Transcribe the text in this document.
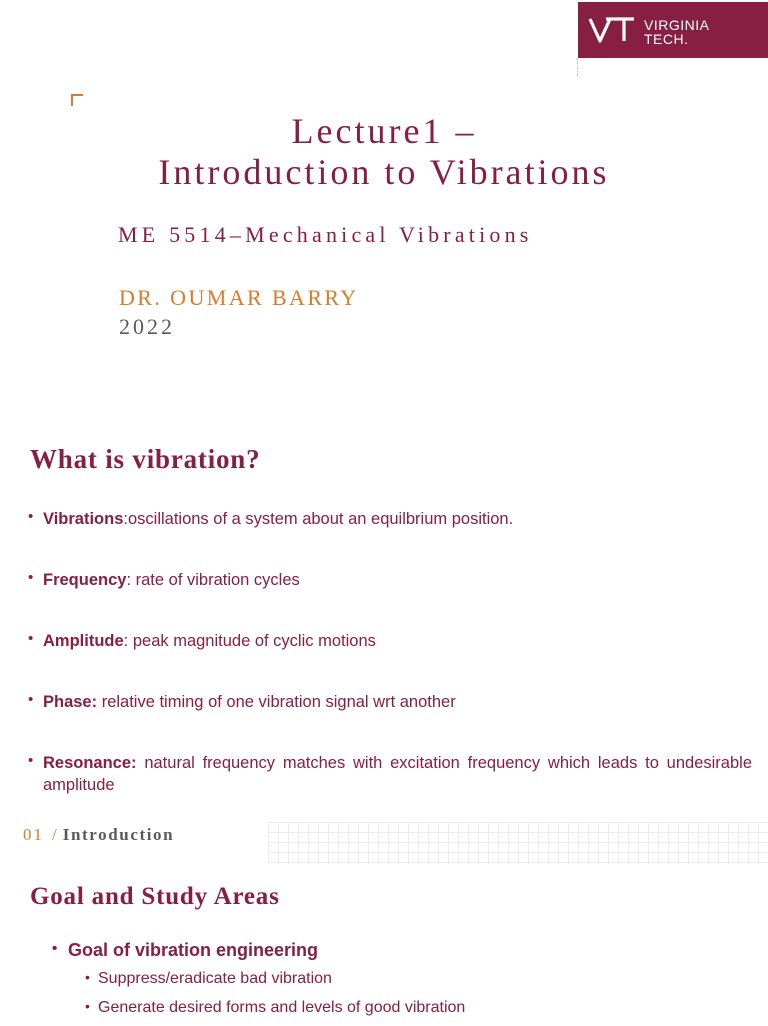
VIRGINIA
TECH.
Lecture1 –
Introduction to Vibrations
ME 5514–Mechanical Vibrations
DR. OUMAR BARRY
2022
What is vibration?
• Vibrations:oscillations of a system about an equilbrium position.
• Frequency: rate of vibration cycles
• Amplitude: peak magnitude of cyclic motions
• Phase: relative timing of one vibration signal wrt another
• Resonance: natural frequency matches with excitation frequency which leads to undesirable amplitude
01 / Introduction
Goal and Study Areas
• Goal of vibration engineering
• Suppress/eradicate bad vibration
• Generate desired forms and levels of good vibration
